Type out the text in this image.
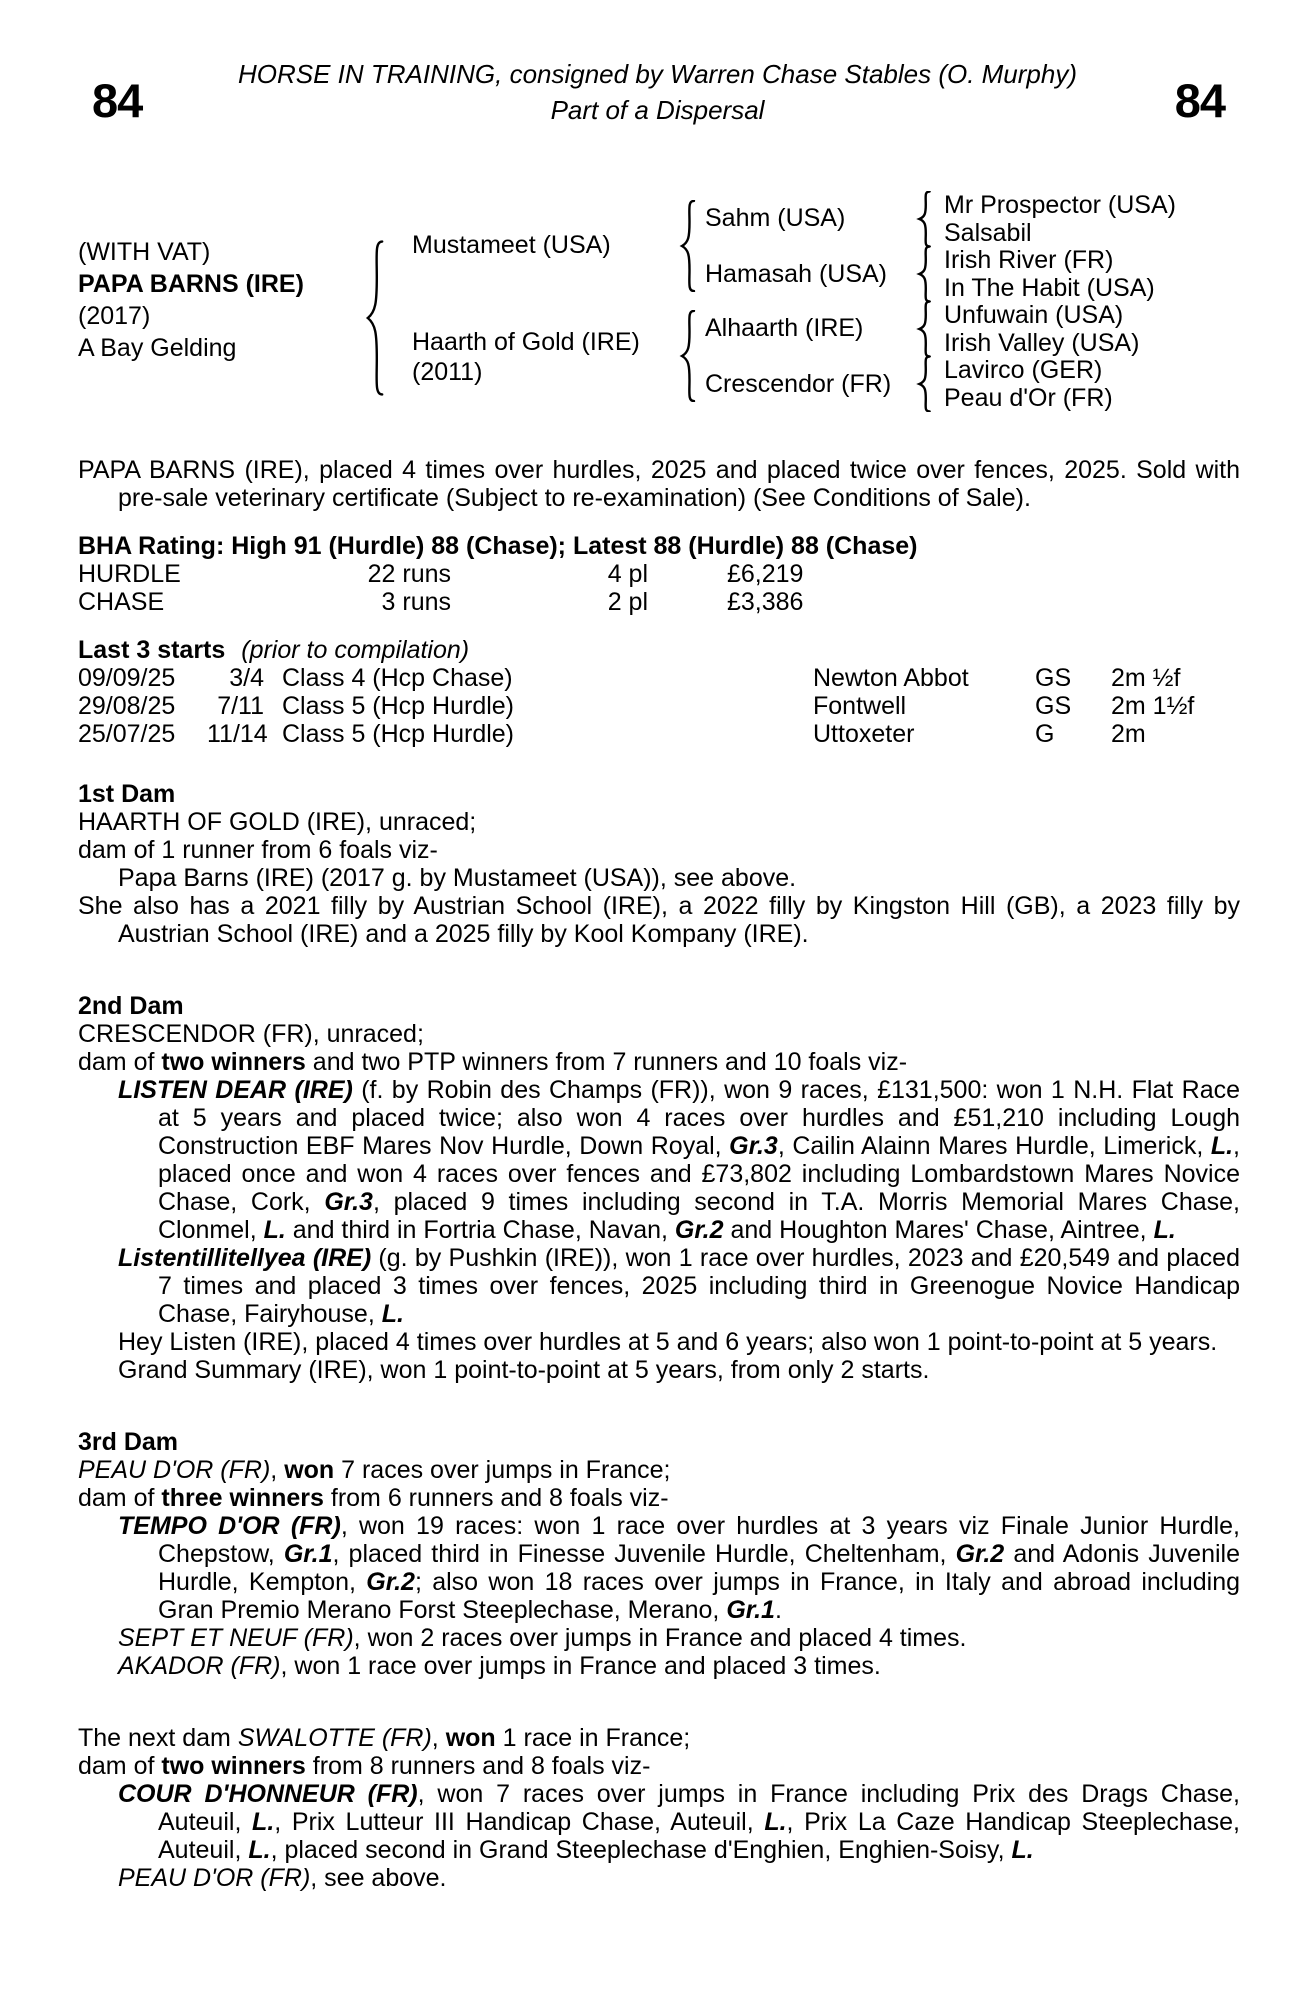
84	HORSE IN TRAINING, consigned by Warren Chase Stables (O. Murphy)
Part of a Dispersal	84
(WITH VAT)
PAPA BARNS (IRE)
(2017)
A Bay Gelding
Mustameet (USA)
Haarth of Gold (IRE)
(2011)
Sahm (USA)
Hamasah (USA)
Alhaarth (IRE)
Crescendor (FR)
Mr Prospector (USA)
Salsabil
Irish River (FR)
In The Habit (USA)
Unfuwain (USA)
Irish Valley (USA)
Lavirco (GER)
Peau d'Or (FR)
PAPA BARNS (IRE), placed 4 times over hurdles, 2025 and placed twice over fences, 2025. Sold with pre-sale veterinary certificate (Subject to re-examination) (See Conditions of Sale).
BHA Rating: High 91 (Hurdle) 88 (Chase); Latest 88 (Hurdle) 88 (Chase)
HURDLE	22 runs	4 pl	£6,219
CHASE	3 runs	2 pl	£3,386
Last 3 starts (prior to compilation)
09/09/25	3/4 Class 4 (Hcp Chase)	Newton Abbot	GS	2m ½f
29/08/25	7/11 Class 5 (Hcp Hurdle)	Fontwell	GS	2m 1½f
25/07/25	11/14 Class 5 (Hcp Hurdle)	Uttoxeter	G	2m
1st Dam
HAARTH OF GOLD (IRE), unraced;
dam of 1 runner from 6 foals viz-
Papa Barns (IRE) (2017 g. by Mustameet (USA)), see above.
She also has a 2021 filly by Austrian School (IRE), a 2022 filly by Kingston Hill (GB), a 2023 filly by Austrian School (IRE) and a 2025 filly by Kool Kompany (IRE).
2nd Dam
CRESCENDOR (FR), unraced;
dam of two winners and two PTP winners from 7 runners and 10 foals viz-
LISTEN DEAR (IRE) (f. by Robin des Champs (FR)), won 9 races, £131,500: won 1 N.H. Flat Race at 5 years and placed twice; also won 4 races over hurdles and £51,210 including Lough Construction EBF Mares Nov Hurdle, Down Royal, Gr.3, Cailin Alainn Mares Hurdle, Limerick, L., placed once and won 4 races over fences and £73,802 including Lombardstown Mares Novice Chase, Cork, Gr.3, placed 9 times including second in T.A. Morris Memorial Mares Chase, Clonmel, L. and third in Fortria Chase, Navan, Gr.2 and Houghton Mares' Chase, Aintree, L.
Listentillitellyea (IRE) (g. by Pushkin (IRE)), won 1 race over hurdles, 2023 and £20,549 and placed 7 times and placed 3 times over fences, 2025 including third in Greenogue Novice Handicap Chase, Fairyhouse, L.
Hey Listen (IRE), placed 4 times over hurdles at 5 and 6 years; also won 1 point-to-point at 5 years.
Grand Summary (IRE), won 1 point-to-point at 5 years, from only 2 starts.
3rd Dam
PEAU D'OR (FR), won 7 races over jumps in France;
dam of three winners from 6 runners and 8 foals viz-
TEMPO D'OR (FR), won 19 races: won 1 race over hurdles at 3 years viz Finale Junior Hurdle, Chepstow, Gr.1, placed third in Finesse Juvenile Hurdle, Cheltenham, Gr.2 and Adonis Juvenile Hurdle, Kempton, Gr.2; also won 18 races over jumps in France, in Italy and abroad including Gran Premio Merano Forst Steeplechase, Merano, Gr.1.
SEPT ET NEUF (FR), won 2 races over jumps in France and placed 4 times.
AKADOR (FR), won 1 race over jumps in France and placed 3 times.
The next dam SWALOTTE (FR), won 1 race in France;
dam of two winners from 8 runners and 8 foals viz-
COUR D'HONNEUR (FR), won 7 races over jumps in France including Prix des Drags Chase, Auteuil, L., Prix Lutteur III Handicap Chase, Auteuil, L., Prix La Caze Handicap Steeplechase, Auteuil, L., placed second in Grand Steeplechase d'Enghien, Enghien-Soisy, L.
PEAU D'OR (FR), see above.
